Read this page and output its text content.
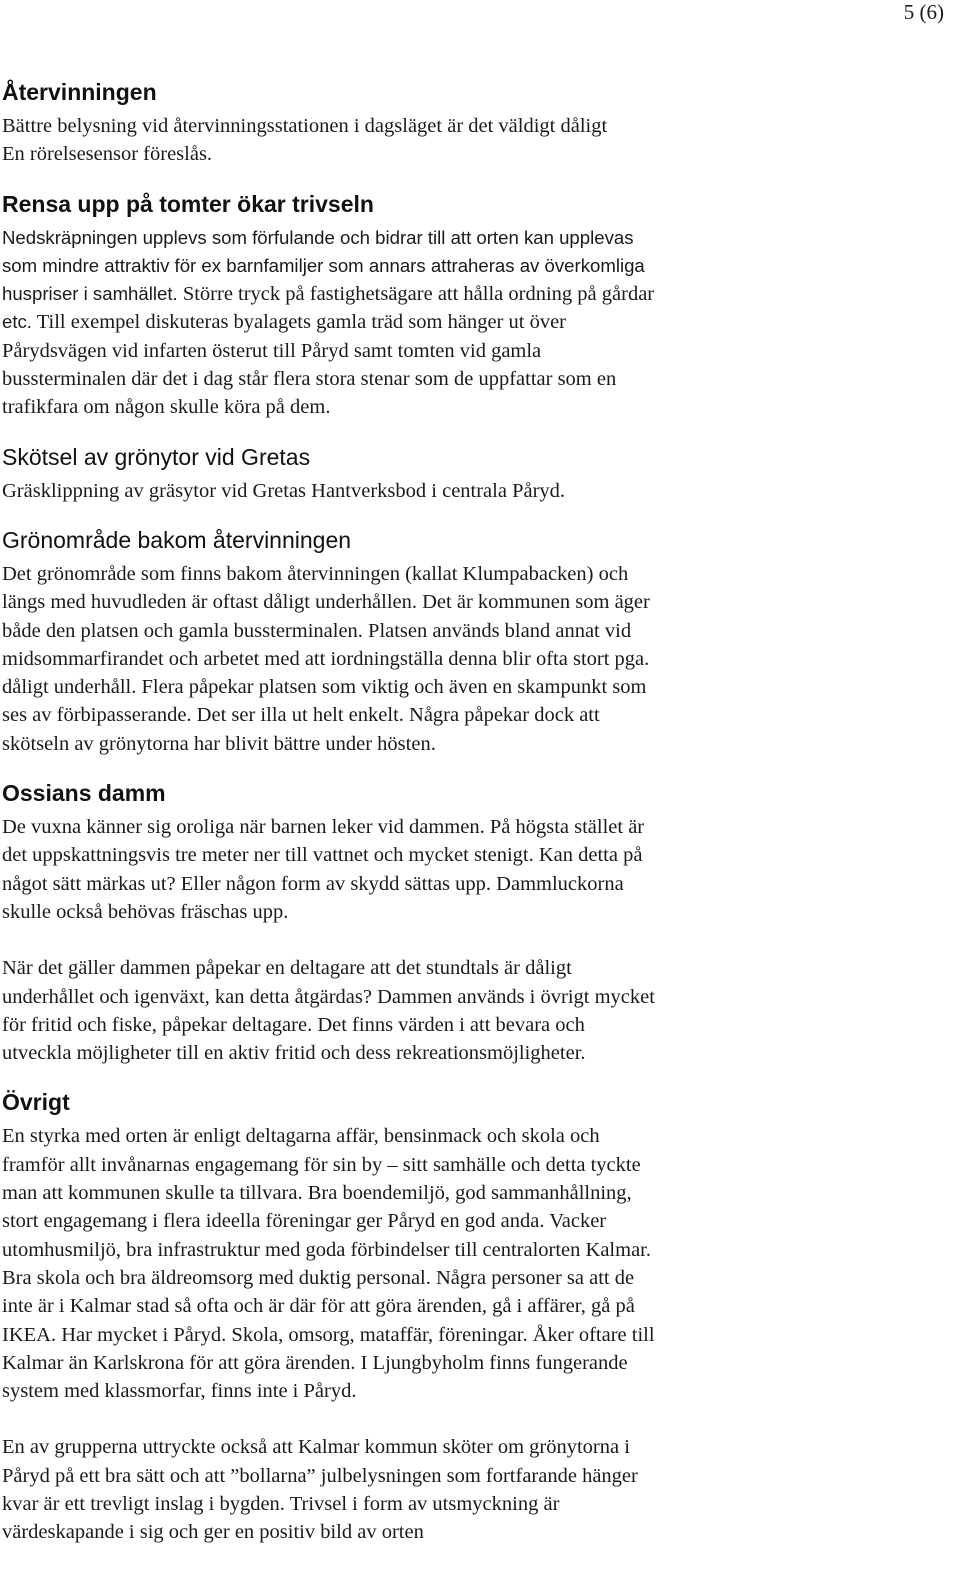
5 (6)
Återvinningen

Bättre belysning vid återvinningsstationen i dagsläget är det väldigt dåligt

En rörelsesensor föreslås.

Rensa upp på tomter ökar trivseln

Nedskräpningen upplevs som förfulande och bidrar till att orten kan upplevas

som mindre attraktiv för ex barnfamiljer som annars attraheras av överkomliga

huspriser i samhället. Större tryck på fastighetsägare att hålla ordning på gårdar

etc. Till exempel diskuteras byalagets gamla träd som hänger ut över

Pårydsvägen vid infarten österut till Påryd samt tomten vid gamla

bussterminalen där det i dag står flera stora stenar som de uppfattar som en

trafikfara om någon skulle köra på dem.

Skötsel av grönytor vid Gretas

Gräsklippning av gräsytor vid Gretas Hantverksbod i centrala Påryd.

Grönområde bakom återvinningen

Det grönområde som finns bakom återvinningen (kallat Klumpabacken) och

längs med huvudleden är oftast dåligt underhållen. Det är kommunen som äger

både den platsen och gamla bussterminalen. Platsen används bland annat vid

midsommarfirandet och arbetet med att iordningställa denna blir ofta stort pga.

dåligt underhåll. Flera påpekar platsen som viktig och även en skampunkt som

ses av förbipasserande. Det ser illa ut helt enkelt. Några påpekar dock att

skötseln av grönytorna har blivit bättre under hösten.

Ossians damm

De vuxna känner sig oroliga när barnen leker vid dammen. På högsta stället är

det uppskattningsvis tre meter ner till vattnet och mycket stenigt. Kan detta på

något sätt märkas ut? Eller någon form av skydd sättas upp. Dammluckorna

skulle också behövas fräschas upp.

När det gäller dammen påpekar en deltagare att det stundtals är dåligt

underhållet och igenväxt, kan detta åtgärdas? Dammen används i övrigt mycket

för fritid och fiske, påpekar deltagare. Det finns värden i att bevara och

utveckla möjligheter till en aktiv fritid och dess rekreationsmöjligheter.

Övrigt

En styrka med orten är enligt deltagarna affär, bensinmack och skola och

framför allt invånarnas engagemang för sin by – sitt samhälle och detta tyckte

man att kommunen skulle ta tillvara. Bra boendemiljö, god sammanhållning,

stort engagemang i flera ideella föreningar ger Påryd en god anda. Vacker

utomhusmiljö, bra infrastruktur med goda förbindelser till centralorten Kalmar.

Bra skola och bra äldreomsorg med duktig personal. Några personer sa att de

inte är i Kalmar stad så ofta och är där för att göra ärenden, gå i affärer, gå på

IKEA. Har mycket i Påryd. Skola, omsorg, mataffär, föreningar. Åker oftare till

Kalmar än Karlskrona för att göra ärenden. I Ljungbyholm finns fungerande

system med klassmorfar, finns inte i Påryd.

En av grupperna uttryckte också att Kalmar kommun sköter om grönytorna i

Påryd på ett bra sätt och att ”bollarna” julbelysningen som fortfarande hänger

kvar är ett trevligt inslag i bygden. Trivsel i form av utsmyckning är

värdeskapande i sig och ger en positiv bild av orten
